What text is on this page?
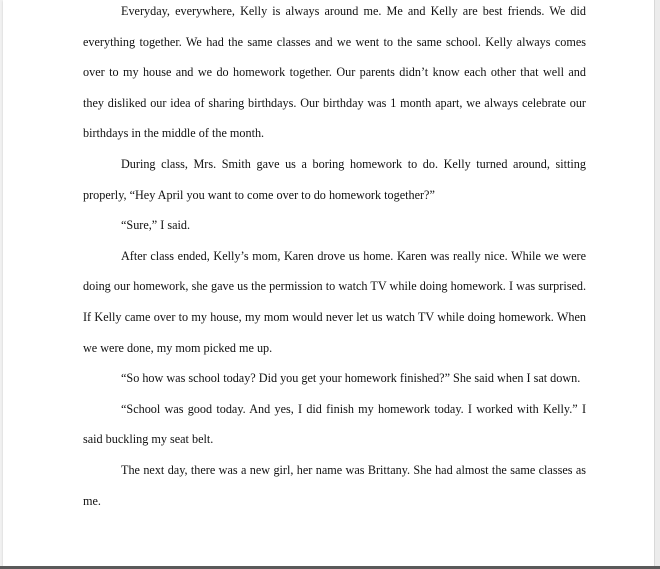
Everyday, everywhere, Kelly is always around me. Me and Kelly are best friends. We did everything together. We had the same classes and we went to the same school. Kelly always comes over to my house and we do homework together. Our parents didn’t know each other that well and they disliked our idea of sharing birthdays. Our birthday was 1 month apart, we always celebrate our birthdays in the middle of the month.

During class, Mrs. Smith gave us a boring homework to do. Kelly turned around, sitting properly, “Hey April you want to come over to do homework together?”

“Sure,” I said.

After class ended, Kelly’s mom, Karen drove us home. Karen was really nice. While we were doing our homework, she gave us the permission to watch TV while doing homework. I was surprised. If Kelly came over to my house, my mom would never let us watch TV while doing homework. When we were done, my mom picked me up.

“So how was school today? Did you get your homework finished?” She said when I sat down.

“School was good today. And yes, I did finish my homework today. I worked with Kelly.” I said buckling my seat belt.

The next day, there was a new girl, her name was Brittany. She had almost the same classes as me.
